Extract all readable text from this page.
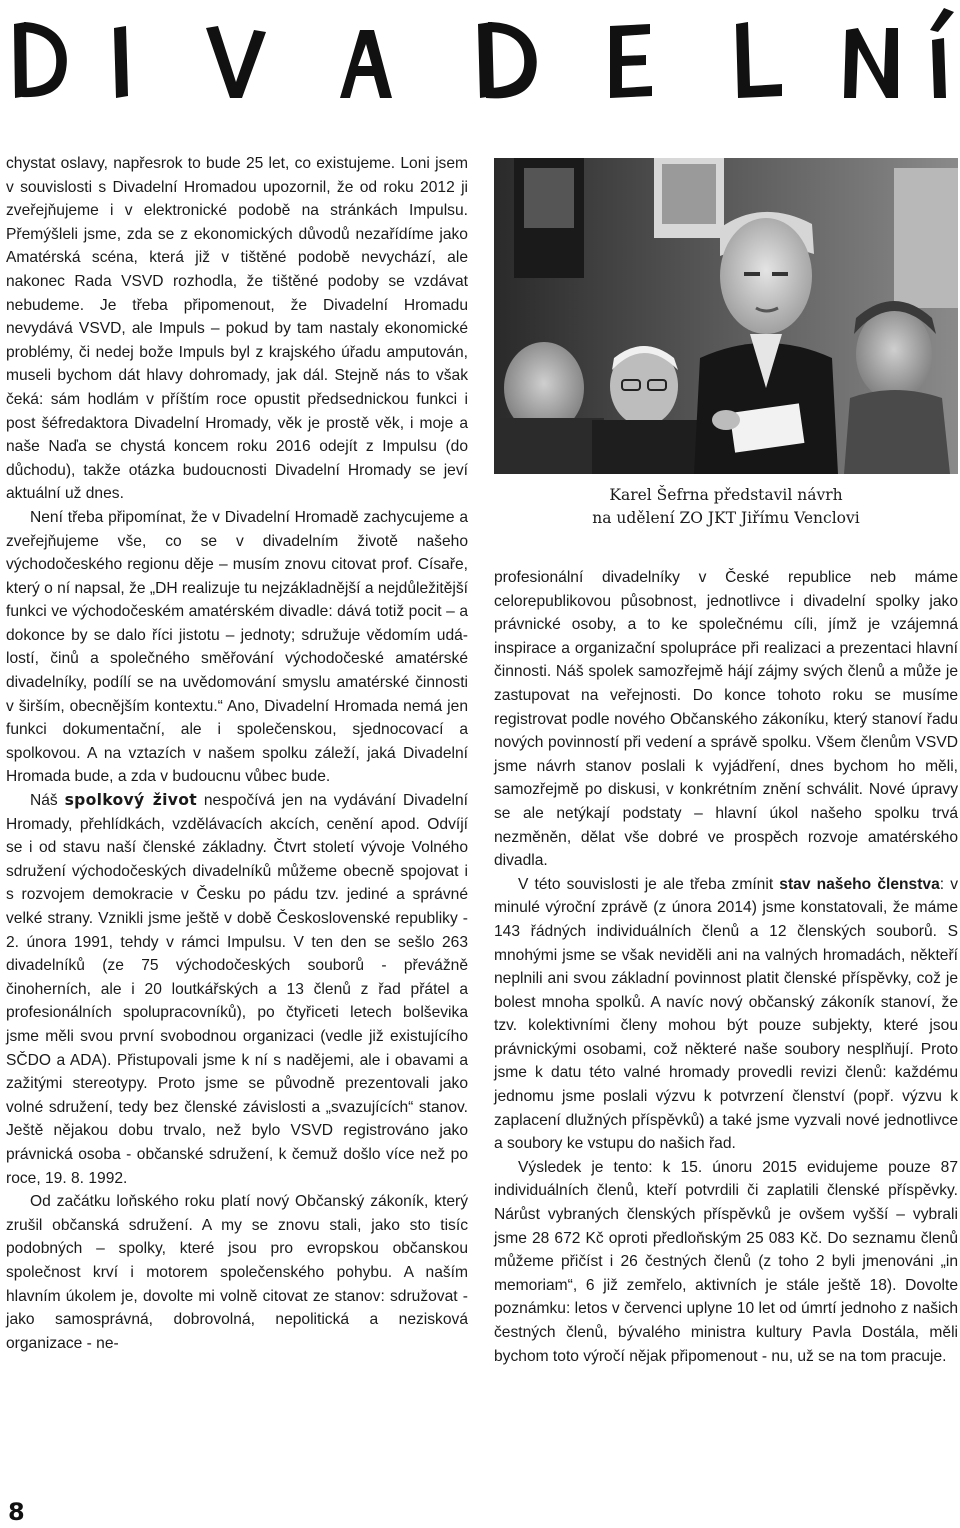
chystat oslavy, napřesrok to bude 25 let, co existujeme. Loni jsem v souvislosti s Divadelní Hromadou upozornil, že od roku 2012 ji zveřejňujeme i v elektronické podobě na stránkách Impulsu. Přemýšleli jsme, zda se z ekonomických důvodů nezařídíme jako Amatérská scéna, která již v tištěné podobě nevychází, ale nakonec Rada VSVD rozhodla, že tištěné podoby se vzdávat nebudeme. Je třeba připomenout, že Divadelní Hromadu nevydává VSVD, ale Impuls – pokud by tam nastaly ekonomické problémy, či nedej bože Impuls byl z krajského úřadu amputován, museli bychom dát hlavy dohromady, jak dál. Stejně nás to však čeká: sám hodlám v příštím roce opustit předsednickou funkci i post šéfredaktora Divadelní Hromady, věk je prostě věk, i moje a naše Naďa se chystá koncem roku 2016 odejít z Impulsu (do důchodu), takže otázka budoucnosti Divadelní Hromady se jeví aktuální už dnes.

Není třeba připomínat, že v Divadelní Hromadě zachycujeme a zveřejňujeme vše, co se v divadelním životě našeho východočeského regionu děje – musím znovu citovat prof. Císaře, který o ní napsal, že „DH realizuje tu nejzákladnější a nejdůležitější funkci ve východočeském amatérském divadle: dává totiž pocit – a dokonce by se dalo říci jistotu – jednoty; sdružuje vědomím událostí, činů a společného směřování východočeské amatérské divadelníky, podílí se na uvědomování smyslu amatérské činnosti v širším, obecnějším kontextu.“ Ano, Divadelní Hromada nemá jen funkci dokumentační, ale i společenskou, sjednocovací a spolkovou. A na vztazích v našem spolku záleží, jaká Divadelní Hromada bude, a zda v budoucnu vůbec bude.

Náš spolkový život nespočívá jen na vydávání Divadelní Hromady, přehlídkách, vzdělávacích akcích, cenění apod. Odvíjí se i od stavu naší členské základny. Čtvrt století vývoje Volného sdružení východočeských divadelníků můžeme obecně spojovat i s rozvojem demokracie v Česku po pádu tzv. jediné a správné velké strany. Vznikli jsme ještě v době Československé republiky - 2. února 1991, tehdy v rámci Impulsu. V ten den se sešlo 263 divadelníků (ze 75 východočeských souborů - převážně činoherních, ale i 20 loutkářských a 13 členů z řad přátel a profesionálních spolupracovníků), po čtyřiceti letech bolševika jsme měli svou první svobodnou organizaci (vedle již existujícího SČDO a ADA). Přistupovali jsme k ní s nadějemi, ale i obavami a zažitými stereotypy. Proto jsme se původně prezentovali jako volné sdružení, tedy bez členské závislosti a „svazujících“ stanov. Ještě nějakou dobu trvalo, než bylo VSVD registrováno jako právnická osoba - občanské sdružení, k čemuž došlo více než po roce, 19. 8. 1992.

Od začátku loňského roku platí nový Občanský zákoník, který zrušil občanská sdružení. A my se znovu stali, jako sto tisíc podobných – spolky, které jsou pro evropskou občanskou společnost krví i motorem společenského pohybu. A naším hlavním úkolem je, dovolte mi volně citovat ze stanov: sdružovat - jako samosprávná, dobrovolná, nepolitická a nezisková organizace - ne-

Karel Šefrna představil návrh
na udělení ZO JKT Jiřímu Venclovi

profesionální divadelníky v České republice neb máme celorepublikovou působnost, jednotlivce i divadelní spolky jako právnické osoby, a to ke společnému cíli, jímž je vzájemná inspirace a organizační spolupráce při realizaci a prezentaci hlavní činnosti. Náš spolek samozřejmě hájí zájmy svých členů a může je zastupovat na veřejnosti. Do konce tohoto roku se musíme registrovat podle nového Občanského zákoníku, který stanoví řadu nových povinností při vedení a správě spolku. Všem členům VSVD jsme návrh stanov poslali k vyjádření, dnes bychom ho měli, samozřejmě po diskusi, v konkrétním znění schválit. Nové úpravy se ale netýkají podstaty – hlavní úkol našeho spolku trvá nezměněn, dělat vše dobré ve prospěch rozvoje amatérského divadla.

V této souvislosti je ale třeba zmínit stav našeho členstva: v minulé výroční zprávě (z února 2014) jsme konstatovali, že máme 143 řádných individuálních členů a 12 členských souborů. S mnohými jsme se však neviděli ani na valných hromadách, někteří neplnili ani svou základní povinnost platit členské příspěvky, což je bolest mnoha spolků. A navíc nový občanský zákoník stanoví, že tzv. kolektivními členy mohou být pouze subjekty, které jsou právnickými osobami, což některé naše soubory nesplňují. Proto jsme k datu této valné hromady provedli revizi členů: každému jednomu jsme poslali výzvu k potvrzení členství (popř. výzvu k zaplacení dlužných příspěvků) a také jsme vyzvali nové jednotlivce a soubory ke vstupu do našich řad.

Výsledek je tento: k 15. únoru 2015 evidujeme pouze 87 individuálních členů, kteří potvrdili či zaplatili členské příspěvky. Nárůst vybraných členských příspěvků je ovšem vyšší – vybrali jsme 28 672 Kč oproti předloňským 25 083 Kč. Do seznamu členů můžeme přičíst i 26 čestných členů (z toho 2 byli jmenováni „in memoriam“, 6 již zemřelo, aktivních je stále ještě 18). Dovolte poznámku: letos v červenci uplyne 10 let od úmrtí jednoho z našich čestných členů, bývalého ministra kultury Pavla Dostála, měli bychom toto výročí nějak připomenout - nu, už se na tom pracuje.

8
